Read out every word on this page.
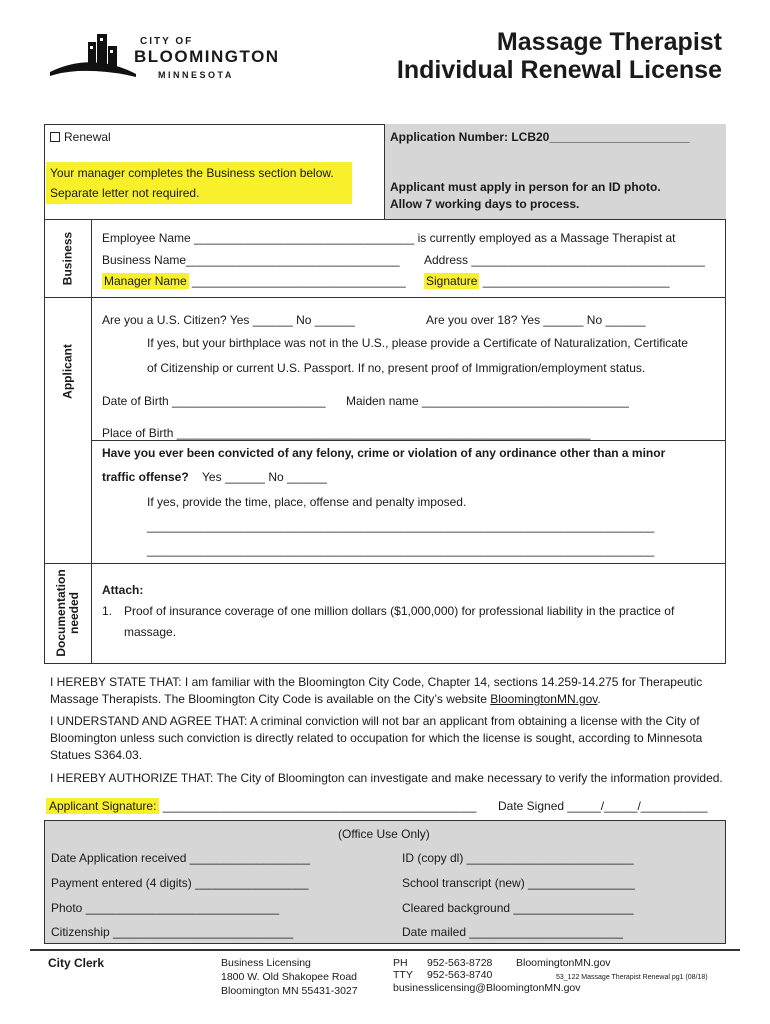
CITY OF
BLOOMINGTON
MINNESOTA
Massage Therapist
Individual Renewal License
Business
Applicant
Documentation needed
Renewal	Application Number: LCB20_____________________
Your manager completes the Business section below.
Separate letter not required.	Applicant must apply in person for an ID photo.
Allow 7 working days to process.
Employee Name _________________________________ is currently employed as a Massage Therapist at
Business Name________________________________ Address ___________________________________
Manager Name ________________________________ Signature ____________________________
Are you a U.S. Citizen? Yes ______ No ______	Are you over 18? Yes ______ No ______
If yes, but your birthplace was not in the U.S., please provide a Certificate of Naturalization, Certificate
of Citizenship or current U.S. Passport. If no, present proof of Immigration/employment status.
Date of Birth _______________________ Maiden name _______________________________
Place of Birth ______________________________________________________________
Have you ever been convicted of any felony, crime or violation of any ordinance other than a minor
traffic offense? Yes ______ No ______
If yes, provide the time, place, offense and penalty imposed.
____________________________________________________________________________
____________________________________________________________________________
Attach:
1. Proof of insurance coverage of one million dollars ($1,000,000) for professional liability in the practice of
massage.
I HEREBY STATE THAT: I am familiar with the Bloomington City Code, Chapter 14, sections 14.259-14.275 for Therapeutic
Massage Therapists. The Bloomington City Code is available on the City’s website BloomingtonMN.gov.
I UNDERSTAND AND AGREE THAT: A criminal conviction will not bar an applicant from obtaining a license with the City of
Bloomington unless such conviction is directly related to occupation for which the license is sought, according to Minnesota
Statues S364.03.
I HEREBY AUTHORIZE THAT: The City of Bloomington can investigate and make necessary to verify the information provided.
Applicant Signature: _______________________________________________ Date Signed _____/_____/__________
(Office Use Only)
Date Application received __________________	ID (copy dl) _________________________
Payment entered (4 digits) _________________	School transcript (new) ________________
Photo _____________________________	Cleared background __________________
Citizenship ___________________________	Date mailed _______________________
City Clerk	Business Licensing
1800 W. Old Shakopee Road
Bloomington MN 55431-3027
PH 952-563-8728 BloomingtonMN.gov
TTY 952-563-8740	53_122 Massage Therapist Renewal pg1 (08/18)
businesslicensing@BloomingtonMN.gov
